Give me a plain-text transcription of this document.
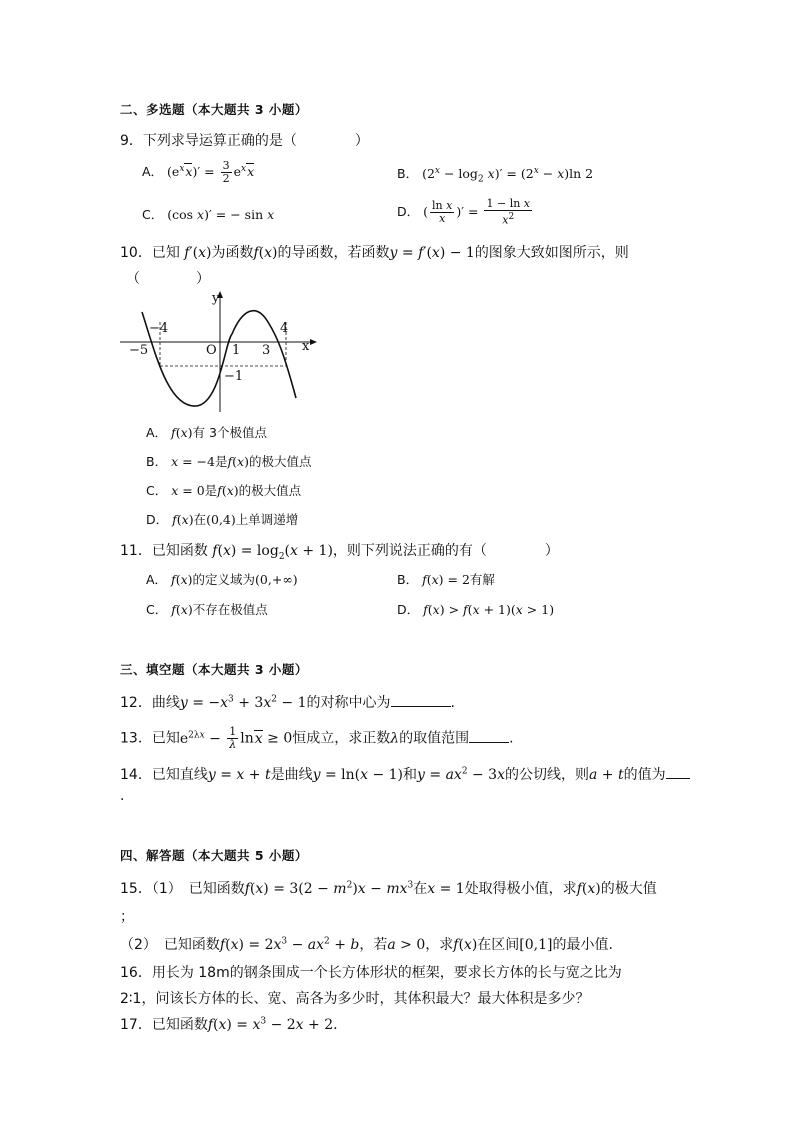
二、多选题（本大题共 3 小题）
9．下列求导运算正确的是（	）
A． $(e^xx)' = \frac{3}{2} e^xx$	B． $(2^x - \log_2 x)' = (2^x - x)\ln$ 2
C． (cos x)′ = − sin x	D． ( $\frac{\text{ln x}}{x}$ )′ = $\frac{\text{1 − ln x}}{x^2}$
10．已知 f′(x)为函数f(x)的导函数，若函数y = f′(x) − 1的图象大致如图所示，则
（　　　　）
y
x
O
−5
−4
1 3
4
−1
A． f(x)有 3个极值点
B． x = −4是f(x)的极大值点
C． x = 0是f(x)的极大值点
D． f(x)在(0,4)上单调递增
11．已知函数 $f(x) = \log_2(x + 1)$，则下列说法正确的有（	）
A． f(x)的定义域为(0,+∞)	B． f(x) = 2有解
C． f(x)不存在极值点	D． f(x) > f(x + 1)(x > 1)
三、填空题（本大题共 3 小题）
12．曲线$y = -x^3 + 3x^2 - 1$的对称中心为	.
13．已知$e^{2\lambda x} - \frac{1}{\lambda}$ lnx ≥ 0恒成立，求正数λ的取值范围	.
14．已知直线y = x + t是曲线y = ln(x − 1)和$y = ax^2 - 3x$的公切线，则a + t的值为
.
四、解答题（本大题共 5 小题）
15．（1）　已知函数$f(x) = 3(2 - m^2)x - mx^3$在x = 1处取得极小值，求f(x)的极大值
；
（2）　已知函数$f(x) = 2x^3 - ax^2 + b$，若a > 0，求f(x)在区间[0,1]的最小值.
16．用长为 18m的钢条围成一个长方体形状的框架，要求长方体的长与宽之比为
2∶1，问该长方体的长、宽、高各为多少时，其体积最大？最大体积是多少？
17．已知函数$f(x) = x^3 - 2x + 2$.
